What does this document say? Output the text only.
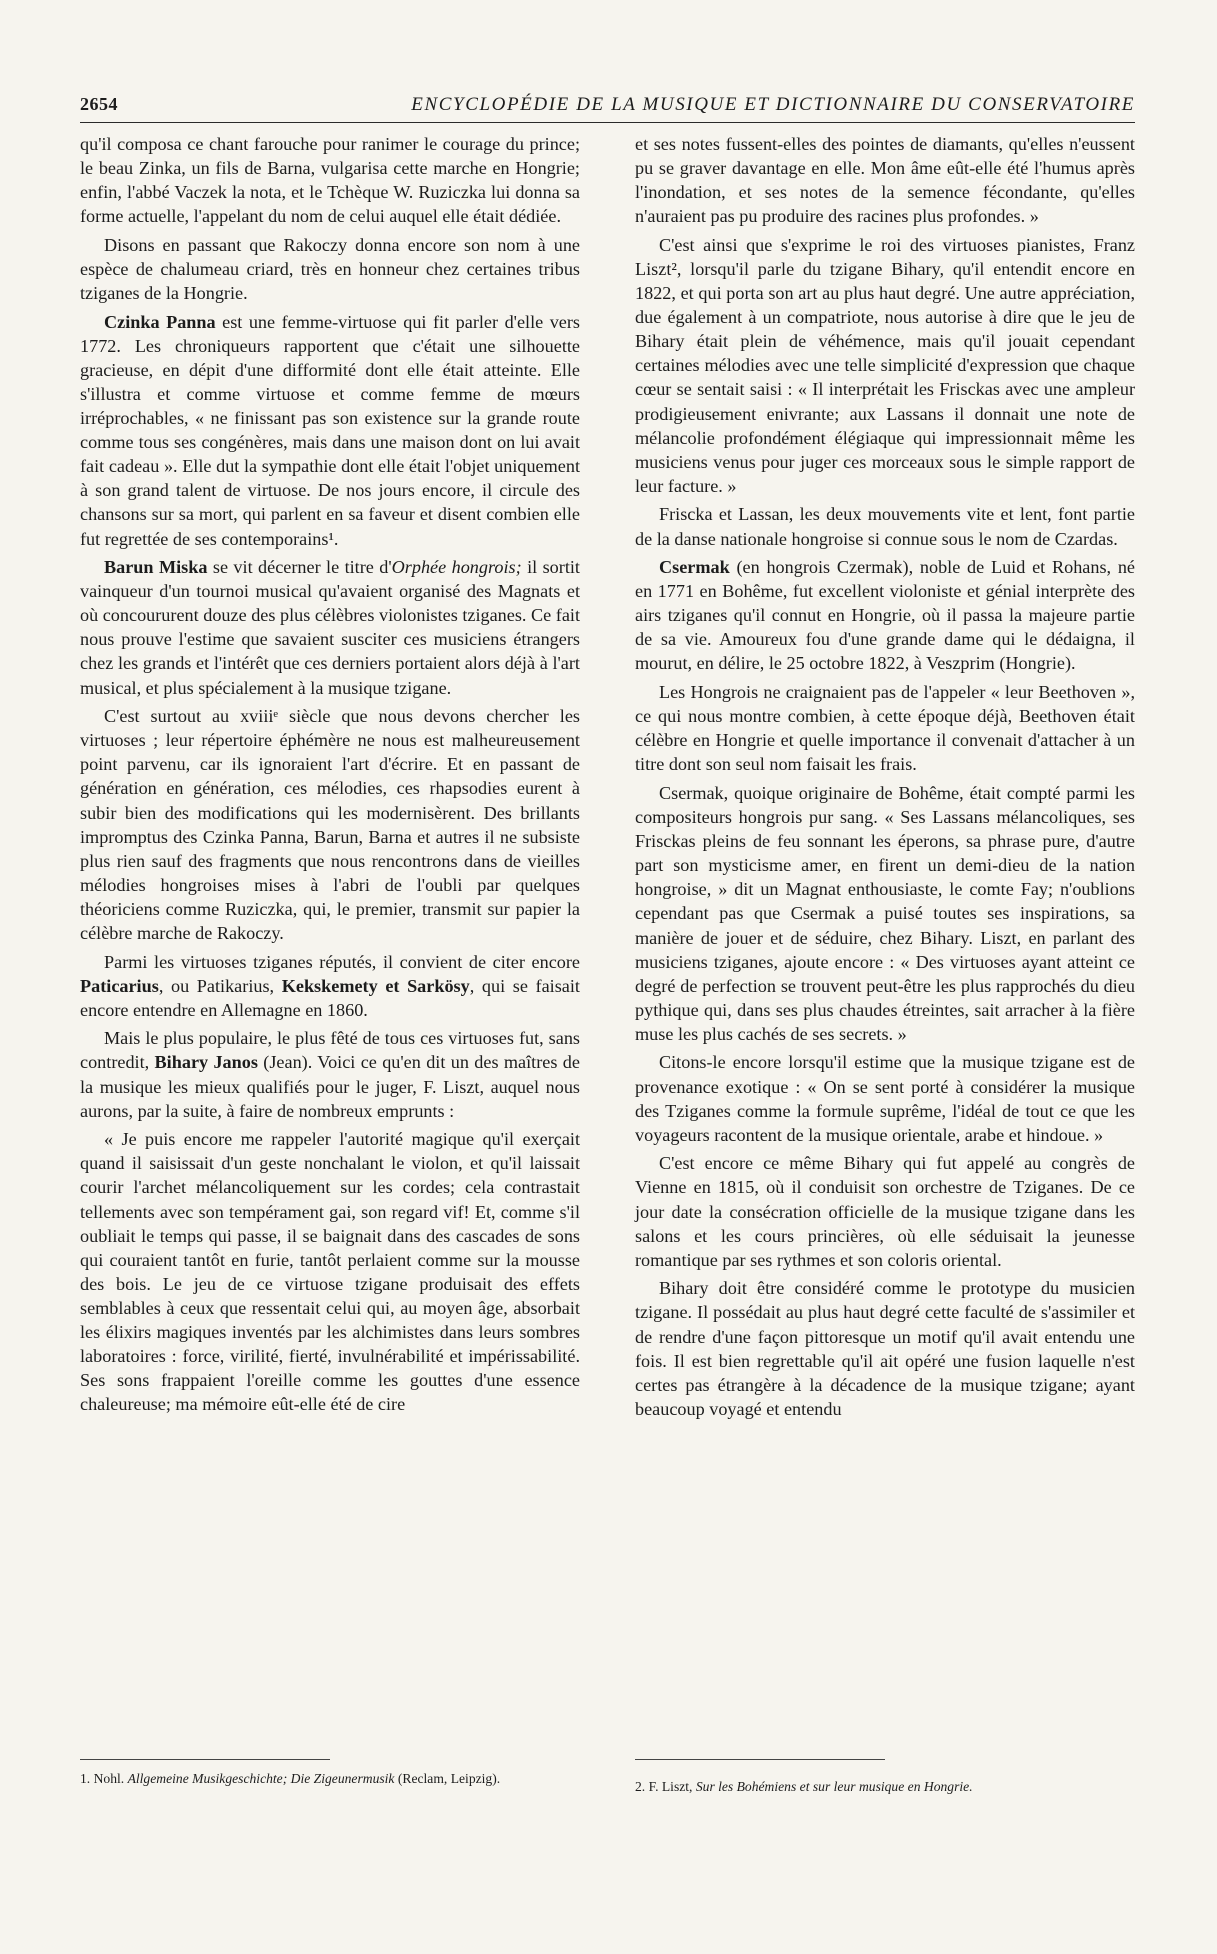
2654	ENCYCLOPÉDIE DE LA MUSIQUE ET DICTIONNAIRE DU CONSERVATOIRE

qu'il composa ce chant farouche pour ranimer le courage du prince; le beau Zinka, un fils de Barna, vulgarisa cette marche en Hongrie; enfin, l'abbé Vaczek la nota, et le Tchèque W. Ruziczka lui donna sa forme actuelle, l'appelant du nom de celui auquel elle était dédiée.

Disons en passant que Rakoczy donna encore son nom à une espèce de chalumeau criard, très en honneur chez certaines tribus tziganes de la Hongrie.

Czinka Panna est une femme-virtuose qui fit parler d'elle vers 1772. Les chroniqueurs rapportent que c'était une silhouette gracieuse, en dépit d'une difformité dont elle était atteinte. Elle s'illustra et comme virtuose et comme femme de mœurs irréprochables, « ne finissant pas son existence sur la grande route comme tous ses congénères, mais dans une maison dont on lui avait fait cadeau ». Elle dut la sympathie dont elle était l'objet uniquement à son grand talent de virtuose. De nos jours encore, il circule des chansons sur sa mort, qui parlent en sa faveur et disent combien elle fut regrettée de ses contemporains¹.

Barun Miska se vit décerner le titre d'Orphée hongrois; il sortit vainqueur d'un tournoi musical qu'avaient organisé des Magnats et où concoururent douze des plus célèbres violonistes tziganes. Ce fait nous prouve l'estime que savaient susciter ces musiciens étrangers chez les grands et l'intérêt que ces derniers portaient alors déjà à l'art musical, et plus spécialement à la musique tzigane.

C'est surtout au xviiiᵉ siècle que nous devons chercher les virtuoses ; leur répertoire éphémère ne nous est malheureusement point parvenu, car ils ignoraient l'art d'écrire. Et en passant de génération en génération, ces mélodies, ces rhapsodies eurent à subir bien des modifications qui les modernisèrent. Des brillants impromptus des Czinka Panna, Barun, Barna et autres il ne subsiste plus rien sauf des fragments que nous rencontrons dans de vieilles mélodies hongroises mises à l'abri de l'oubli par quelques théoriciens comme Ruziczka, qui, le premier, transmit sur papier la célèbre marche de Rakoczy.

Parmi les virtuoses tziganes réputés, il convient de citer encore Paticarius, ou Patikarius, Kekskemety et Sarkösy, qui se faisait encore entendre en Allemagne en 1860.

Mais le plus populaire, le plus fêté de tous ces virtuoses fut, sans contredit, Bihary Janos (Jean). Voici ce qu'en dit un des maîtres de la musique les mieux qualifiés pour le juger, F. Liszt, auquel nous aurons, par la suite, à faire de nombreux emprunts :

« Je puis encore me rappeler l'autorité magique qu'il exerçait quand il saisissait d'un geste nonchalant le violon, et qu'il laissait courir l'archet mélancoliquement sur les cordes; cela contrastait tellements avec son tempérament gai, son regard vif! Et, comme s'il oubliait le temps qui passe, il se baignait dans des cascades de sons qui couraient tantôt en furie, tantôt perlaient comme sur la mousse des bois. Le jeu de ce virtuose tzigane produisait des effets semblables à ceux que ressentait celui qui, au moyen âge, absorbait les élixirs magiques inventés par les alchimistes dans leurs sombres laboratoires : force, virilité, fierté, invulnérabilité et impérissabilité. Ses sons frappaient l'oreille comme les gouttes d'une essence chaleureuse; ma mémoire eût-elle été de cire

et ses notes fussent-elles des pointes de diamants, qu'elles n'eussent pu se graver davantage en elle. Mon âme eût-elle été l'humus après l'inondation, et ses notes de la semence fécondante, qu'elles n'auraient pas pu produire des racines plus profondes. »

C'est ainsi que s'exprime le roi des virtuoses pianistes, Franz Liszt², lorsqu'il parle du tzigane Bihary, qu'il entendit encore en 1822, et qui porta son art au plus haut degré. Une autre appréciation, due également à un compatriote, nous autorise à dire que le jeu de Bihary était plein de véhémence, mais qu'il jouait cependant certaines mélodies avec une telle simplicité d'expression que chaque cœur se sentait saisi : « Il interprétait les Frisckas avec une ampleur prodigieusement enivrante; aux Lassans il donnait une note de mélancolie profondément élégiaque qui impressionnait même les musiciens venus pour juger ces morceaux sous le simple rapport de leur facture. »

Friscka et Lassan, les deux mouvements vite et lent, font partie de la danse nationale hongroise si connue sous le nom de Czardas.

Csermak (en hongrois Czermak), noble de Luid et Rohans, né en 1771 en Bohême, fut excellent violoniste et génial interprète des airs tziganes qu'il connut en Hongrie, où il passa la majeure partie de sa vie. Amoureux fou d'une grande dame qui le dédaigna, il mourut, en délire, le 25 octobre 1822, à Veszprim (Hongrie).

Les Hongrois ne craignaient pas de l'appeler « leur Beethoven », ce qui nous montre combien, à cette époque déjà, Beethoven était célèbre en Hongrie et quelle importance il convenait d'attacher à un titre dont son seul nom faisait les frais.

Csermak, quoique originaire de Bohême, était compté parmi les compositeurs hongrois pur sang. « Ses Lassans mélancoliques, ses Frisckas pleins de feu sonnant les éperons, sa phrase pure, d'autre part son mysticisme amer, en firent un demi-dieu de la nation hongroise, » dit un Magnat enthousiaste, le comte Fay; n'oublions cependant pas que Csermak a puisé toutes ses inspirations, sa manière de jouer et de séduire, chez Bihary. Liszt, en parlant des musiciens tziganes, ajoute encore : « Des virtuoses ayant atteint ce degré de perfection se trouvent peut-être les plus rapprochés du dieu pythique qui, dans ses plus chaudes étreintes, sait arracher à la fière muse les plus cachés de ses secrets. »

Citons-le encore lorsqu'il estime que la musique tzigane est de provenance exotique : « On se sent porté à considérer la musique des Tziganes comme la formule suprême, l'idéal de tout ce que les voyageurs racontent de la musique orientale, arabe et hindoue. »

C'est encore ce même Bihary qui fut appelé au congrès de Vienne en 1815, où il conduisit son orchestre de Tziganes. De ce jour date la consécration officielle de la musique tzigane dans les salons et les cours princières, où elle séduisait la jeunesse romantique par ses rythmes et son coloris oriental.

Bihary doit être considéré comme le prototype du musicien tzigane. Il possédait au plus haut degré cette faculté de s'assimiler et de rendre d'une façon pittoresque un motif qu'il avait entendu une fois. Il est bien regrettable qu'il ait opéré une fusion laquelle n'est certes pas étrangère à la décadence de la musique tzigane; ayant beaucoup voyagé et entendu

1. Nohl. Allgemeine Musikgeschichte; Die Zigeunermusik (Reclam, Leipzig).
2. F. Liszt, Sur les Bohémiens et sur leur musique en Hongrie.
